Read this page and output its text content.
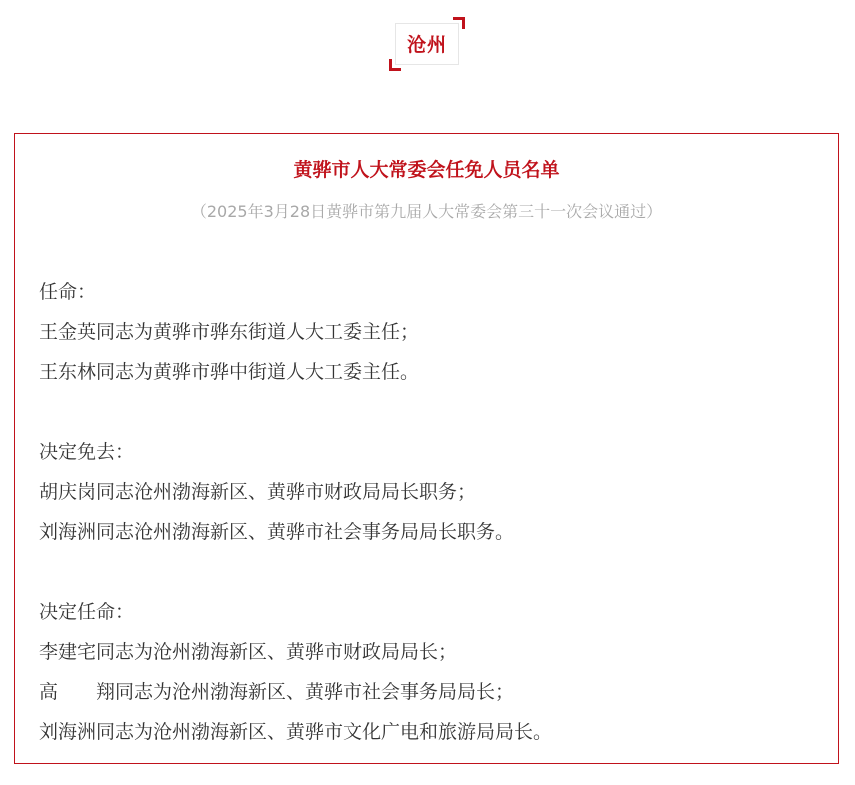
沧州
黄骅市人大常委会任免人员名单
（2025年3月28日黄骅市第九届人大常委会第三十一次会议通过）
任命：
王金英同志为黄骅市骅东街道人大工委主任；
王东林同志为黄骅市骅中街道人大工委主任。
决定免去：
胡庆岗同志沧州渤海新区、黄骅市财政局局长职务；
刘海洲同志沧州渤海新区、黄骅市社会事务局局长职务。
决定任命：
李建宅同志为沧州渤海新区、黄骅市财政局局长；
高 翔同志为沧州渤海新区、黄骅市社会事务局局长；
刘海洲同志为沧州渤海新区、黄骅市文化广电和旅游局局长。
